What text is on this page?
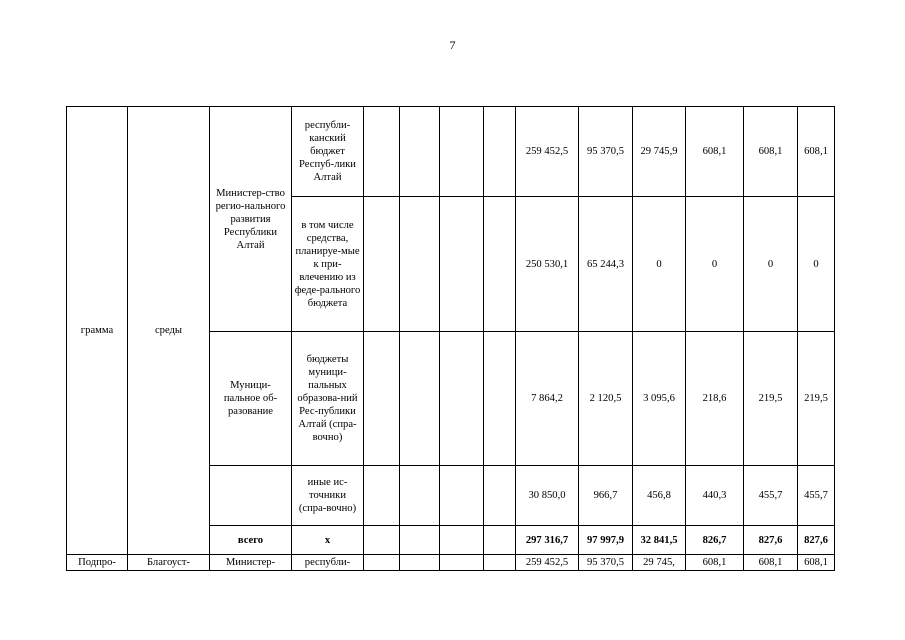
7
грамма	среды	Министер-ство регио-нального развития Республики Алтай	республи-канский бюджет Респуб-лики Алтай					259 452,5	95 370,5	29 745,9	608,1	608,1	608,1
			в том числе средства, планируе-мые к при-влечению из феде-рального бюджета					250 530,1	65 244,3	0	0	0	0
		Муници-пальное об-разование	бюджеты муници-пальных образова-ний Рес-публики Алтай (спра-вочно)					7 864,2	2 120,5	3 095,6	218,6	219,5	219,5
			иные ис-точники (спра-вочно)					30 850,0	966,7	456,8	440,3	455,7	455,7
		всего	х					297 316,7	97 997,9	32 841,5	826,7	827,6	827,6
Подпро-	Благоуст-	Министер-	республи-					259 452,5	95 370,5	29 745,	608,1	608,1	608,1
